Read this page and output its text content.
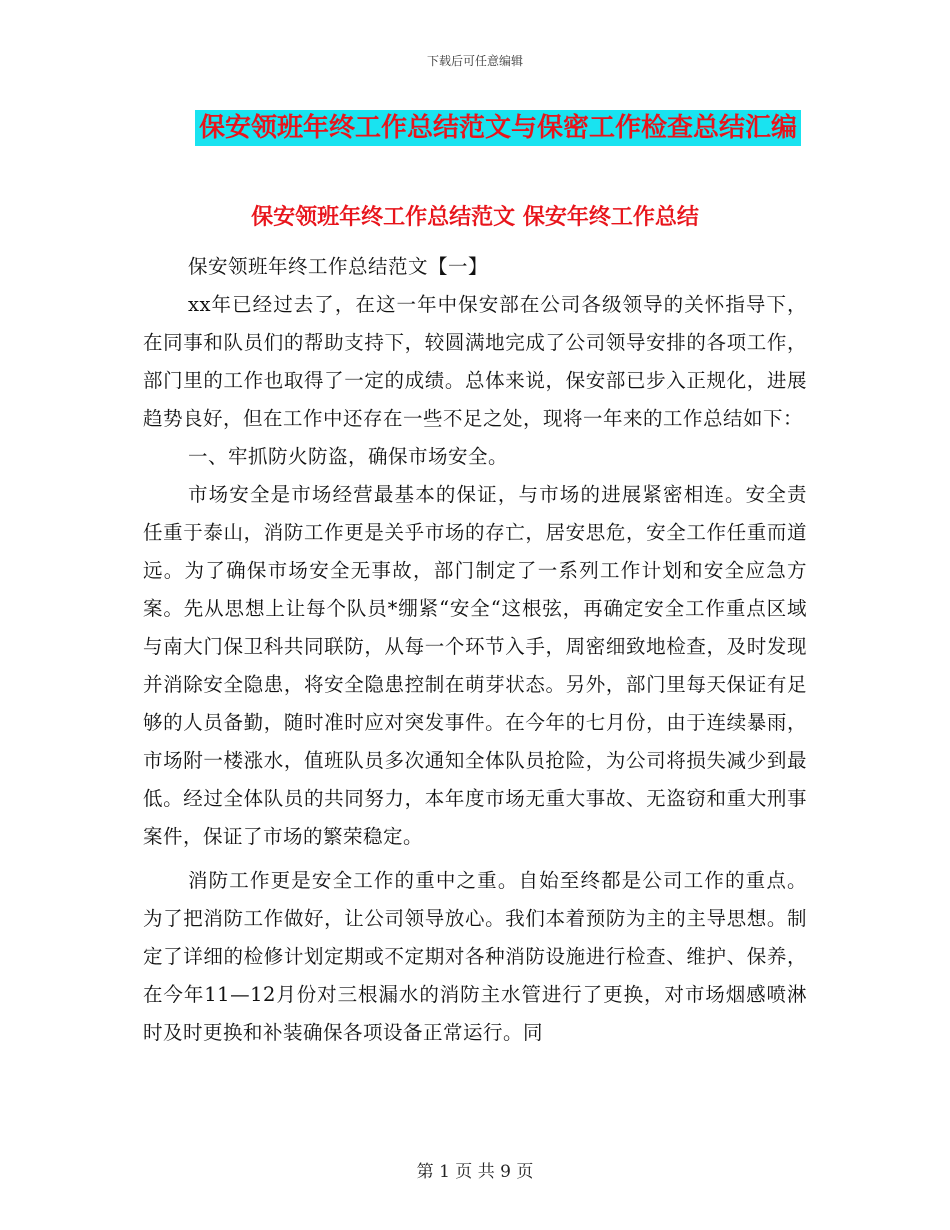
下载后可任意编辑
保安领班年终工作总结范文与保密工作检查总结汇编
保安领班年终工作总结范文 保安年终工作总结

保安领班年终工作总结范文【一】

xx年已经过去了，在这一年中保安部在公司各级领导的关怀指导下，在同事和队员们的帮助支持下，较圆满地完成了公司领导安排的各项工作，部门里的工作也取得了一定的成绩。总体来说，保安部已步入正规化，进展趋势良好，但在工作中还存在一些不足之处，现将一年来的工作总结如下：

一、牢抓防火防盗，确保市场安全。

市场安全是市场经营最基本的保证，与市场的进展紧密相连。安全责任重于泰山，消防工作更是关乎市场的存亡，居安思危，安全工作任重而道远。为了确保市场安全无事故，部门制定了一系列工作计划和安全应急方案。先从思想上让每个队员*绷紧“安全“这根弦，再确定安全工作重点区域与南大门保卫科共同联防，从每一个环节入手，周密细致地检查，及时发现并消除安全隐患，将安全隐患控制在萌芽状态。另外，部门里每天保证有足够的人员备勤，随时准时应对突发事件。在今年的七月份，由于连续暴雨，市场附一楼涨水，值班队员多次通知全体队员抢险，为公司将损失减少到最低。经过全体队员的共同努力，本年度市场无重大事故、无盗窃和重大刑事案件，保证了市场的繁荣稳定。

消防工作更是安全工作的重中之重。自始至终都是公司工作的重点。为了把消防工作做好，让公司领导放心。我们本着预防为主的主导思想。制定了详细的检修计划定期或不定期对各种消防设施进行检查、维护、保养，在今年11—12月份对三根漏水的消防主水管进行了更换，对市场烟感喷淋时及时更换和补装确保各项设备正常运行。同

第 1 页 共 9 页
